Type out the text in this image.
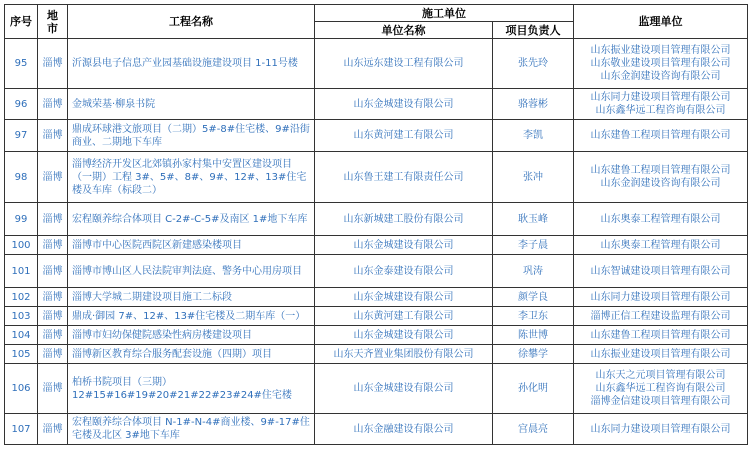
序号	地市	工程名称	施工单位		监理单位
			单位名称	项目负责人	
95	淄博	沂源县电子信息产业园基础设施建设项目 1-11号楼	山东远东建设工程有限公司	张先玲	山东振业建设项目管理有限公司
山东敬业建设项目管理有限公司
山东金润建设咨询有限公司

96	淄博	金城荣基·柳泉书院	山东金城建设有限公司	骆蓉彬	山东同力建设项目管理有限公司
山东鑫华远工程咨询有限公司

97	淄博	鼎成环球港文旅项目（二期）5#-8#住宅楼、9#沿街商业、二期地下车库	山东黄河建工有限公司	李凯	山东建鲁工程项目管理有限公司

98	淄博	淄博经济开发区北郊镇孙家村集中安置区建设项目（一期）工程 3#、5#、8#、9#、12#、13#住宅楼及车库（标段二）	山东鲁王建工有限责任公司	张冲	山东建鲁工程项目管理有限公司
山东金润建设咨询有限公司

99	淄博	宏程颐养综合体项目 C-2#-C-5#及南区 1#地下车库	山东新城建工股份有限公司	耿玉峰	山东奥泰工程管理有限公司

100	淄博	淄博市中心医院西院区新建感染楼项目	山东金城建设有限公司	李子晨	山东奥泰工程管理有限公司

101	淄博	淄博市博山区人民法院审判法庭、警务中心用房项目	山东金泰建设有限公司	巩涛	山东智诚建设项目管理有限公司

102	淄博	淄博大学城二期建设项目施工二标段	山东金城建设有限公司	颜学良	山东同力建设项目管理有限公司

103	淄博	鼎成·御园 7#、12#、13#住宅楼及二期车库（一）	山东黄河建工有限公司	李卫东	淄博正信工程建设监理有限公司

104	淄博	淄博市妇幼保健院感染性病房楼建设项目	山东金城建设有限公司	陈世博	山东建鲁工程项目管理有限公司

105	淄博	淄博新区教育综合服务配套设施（四期）项目	山东天齐置业集团股份有限公司	徐攀学	山东振业建设项目管理有限公司

106	淄博	柏桥书院项目（三期）12#15#16#19#20#21#22#23#24#住宅楼	山东金城建设有限公司	孙化明	山东天之元项目管理有限公司
山东鑫华远工程咨询有限公司
淄博金信建设项目管理有限公司

107	淄博	宏程颐养综合体项目 N-1#-N-4#商业楼、9#-17#住宅楼及北区 3#地下车库	山东金融建设有限公司	宫晨亮	山东同力建设项目管理有限公司
